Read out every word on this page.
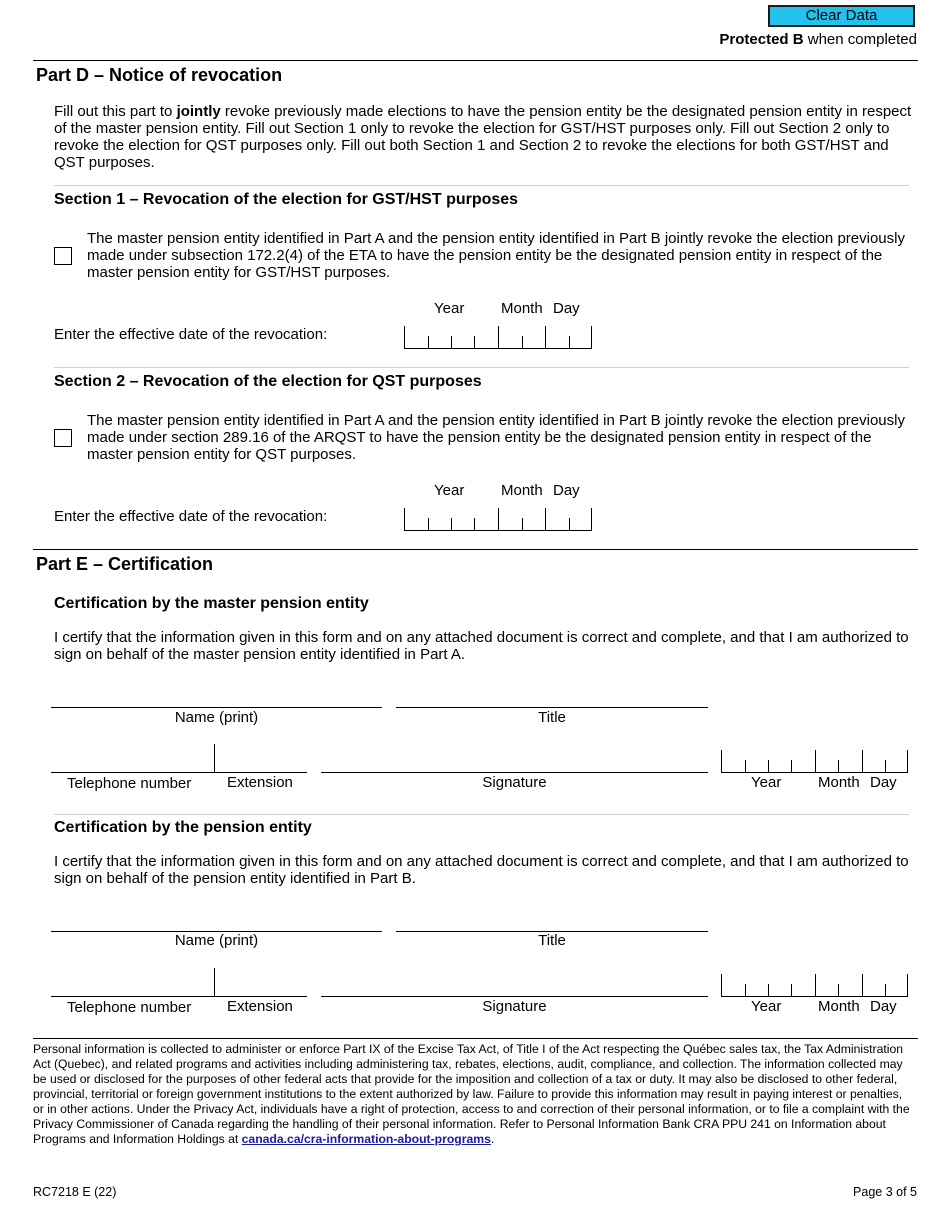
Clear Data
Protected B when completed
Part D – Notice of revocation
Fill out this part to jointly revoke previously made elections to have the pension entity be the designated pension entity in respect of the master pension entity. Fill out Section 1 only to revoke the election for GST/HST purposes only. Fill out Section 2 only to revoke the election for QST purposes only. Fill out both Section 1 and Section 2 to revoke the elections for both GST/HST and QST purposes.
Section 1 – Revocation of the election for GST/HST purposes
The master pension entity identified in Part A and the pension entity identified in Part B jointly revoke the election previously made under subsection 172.2(4) of the ETA to have the pension entity be the designated pension entity in respect of the master pension entity for GST/HST purposes.
Year Month Day
Enter the effective date of the revocation:
Section 2 – Revocation of the election for QST purposes
The master pension entity identified in Part A and the pension entity identified in Part B jointly revoke the election previously made under section 289.16 of the ARQST to have the pension entity be the designated pension entity in respect of the master pension entity for QST purposes.
Year Month Day
Enter the effective date of the revocation:
Part E – Certification
Certification by the master pension entity
I certify that the information given in this form and on any attached document is correct and complete, and that I am authorized to sign on behalf of the master pension entity identified in Part A.
Name (print)	Title
Telephone number Extension	Signature	Year Month Day
Certification by the pension entity
I certify that the information given in this form and on any attached document is correct and complete, and that I am authorized to sign on behalf of the pension entity identified in Part B.
Name (print)	Title
Telephone number Extension	Signature	Year Month Day
Personal information is collected to administer or enforce Part IX of the Excise Tax Act, of Title I of the Act respecting the Québec sales tax, the Tax Administration Act (Quebec), and related programs and activities including administering tax, rebates, elections, audit, compliance, and collection. The information collected may be used or disclosed for the purposes of other federal acts that provide for the imposition and collection of a tax or duty. It may also be disclosed to other federal, provincial, territorial or foreign government institutions to the extent authorized by law. Failure to provide this information may result in paying interest or penalties, or in other actions. Under the Privacy Act, individuals have a right of protection, access to and correction of their personal information, or to file a complaint with the Privacy Commissioner of Canada regarding the handling of their personal information. Refer to Personal Information Bank CRA PPU 241 on Information about Programs and Information Holdings at canada.ca/cra-information-about-programs.
RC7218 E (22)	Page 3 of 5
